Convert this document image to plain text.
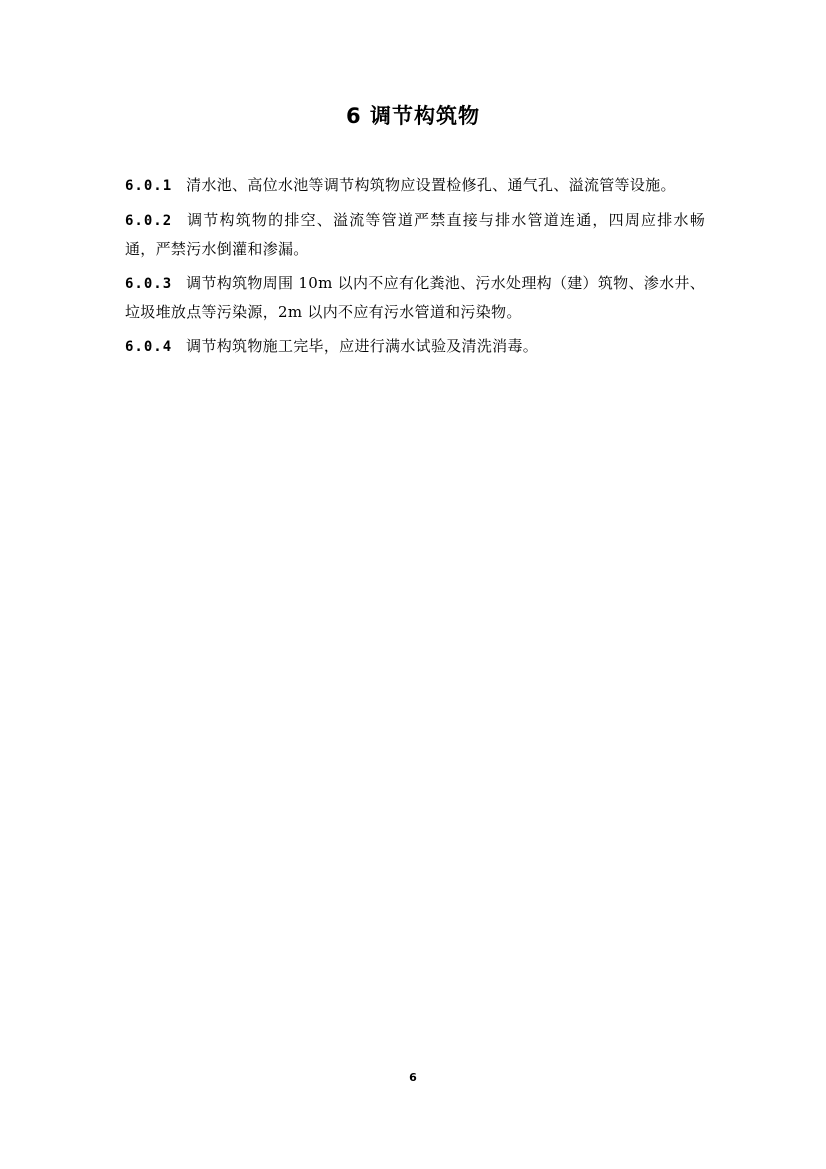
6 调节构筑物

6.0.1 清水池、高位水池等调节构筑物应设置检修孔、通气孔、溢流管等设施。

6.0.2 调节构筑物的排空、溢流等管道严禁直接与排水管道连通，四周应排水畅通，严禁污水倒灌和渗漏。

6.0.3 调节构筑物周围 10m 以内不应有化粪池、污水处理构（建）筑物、渗水井、垃圾堆放点等污染源，2m 以内不应有污水管道和污染物。

6.0.4 调节构筑物施工完毕，应进行满水试验及清洗消毒。

6
